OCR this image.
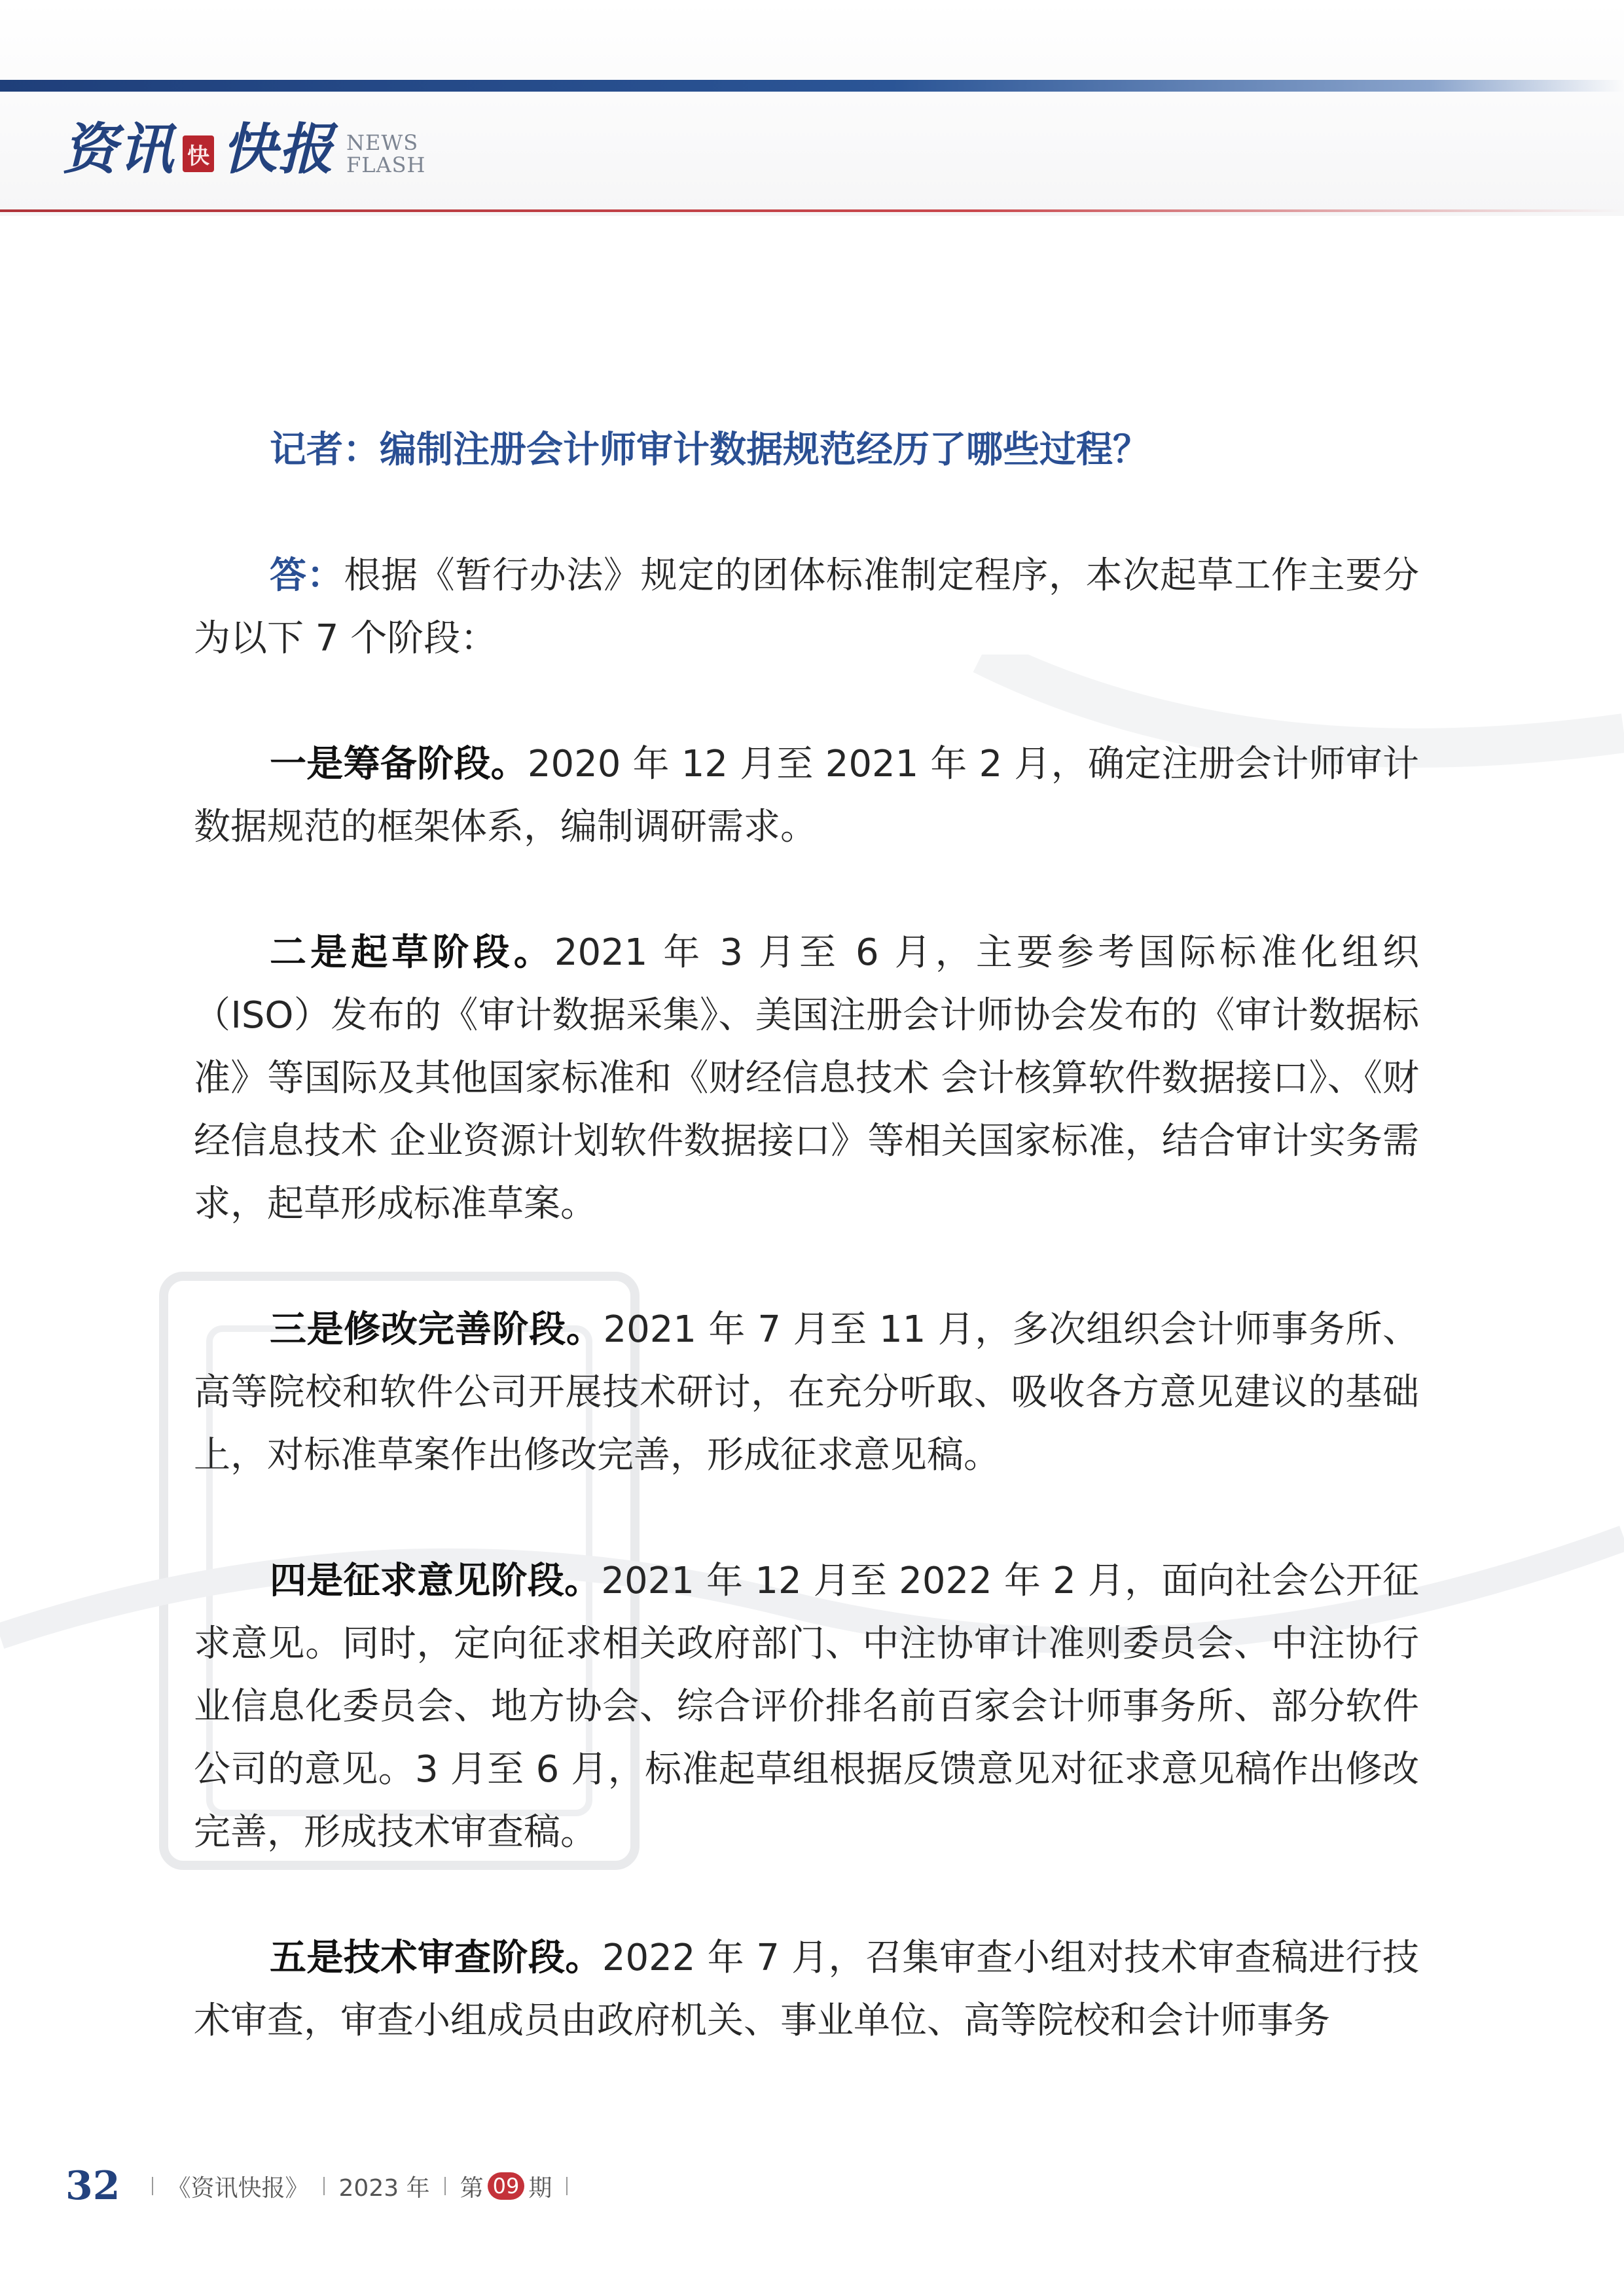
资讯 快 快报 NEWS
FLASH

记者：编制注册会计师审计数据规范经历了哪些过程？

答：根据《暂行办法》规定的团体标准制定程序，本次起草工作主要分为以下 7 个阶段：

一是筹备阶段。2020 年 12 月至 2021 年 2 月，确定注册会计师审计数据规范的框架体系，编制调研需求。

二是起草阶段。2021 年 3 月至 6 月，主要参考国际标准化组织（ISO）发布的《审计数据采集》、美国注册会计师协会发布的《审计数据标准》等国际及其他国家标准和《财经信息技术 会计核算软件数据接口》、《财经信息技术 企业资源计划软件数据接口》等相关国家标准，结合审计实务需求，起草形成标准草案。

三是修改完善阶段。2021 年 7 月至 11 月，多次组织会计师事务所、高等院校和软件公司开展技术研讨，在充分听取、吸收各方意见建议的基础上，对标准草案作出修改完善，形成征求意见稿。

四是征求意见阶段。2021 年 12 月至 2022 年 2 月，面向社会公开征求意见。同时，定向征求相关政府部门、中注协审计准则委员会、中注协行业信息化委员会、地方协会、综合评价排名前百家会计师事务所、部分软件公司的意见。3 月至 6 月，标准起草组根据反馈意见对征求意见稿作出修改完善，形成技术审查稿。

五是技术审查阶段。2022 年 7 月，召集审查小组对技术审查稿进行技术审查，审查小组成员由政府机关、事业单位、高等院校和会计师事务

32 《资讯快报》 2023 年 第 09 期
